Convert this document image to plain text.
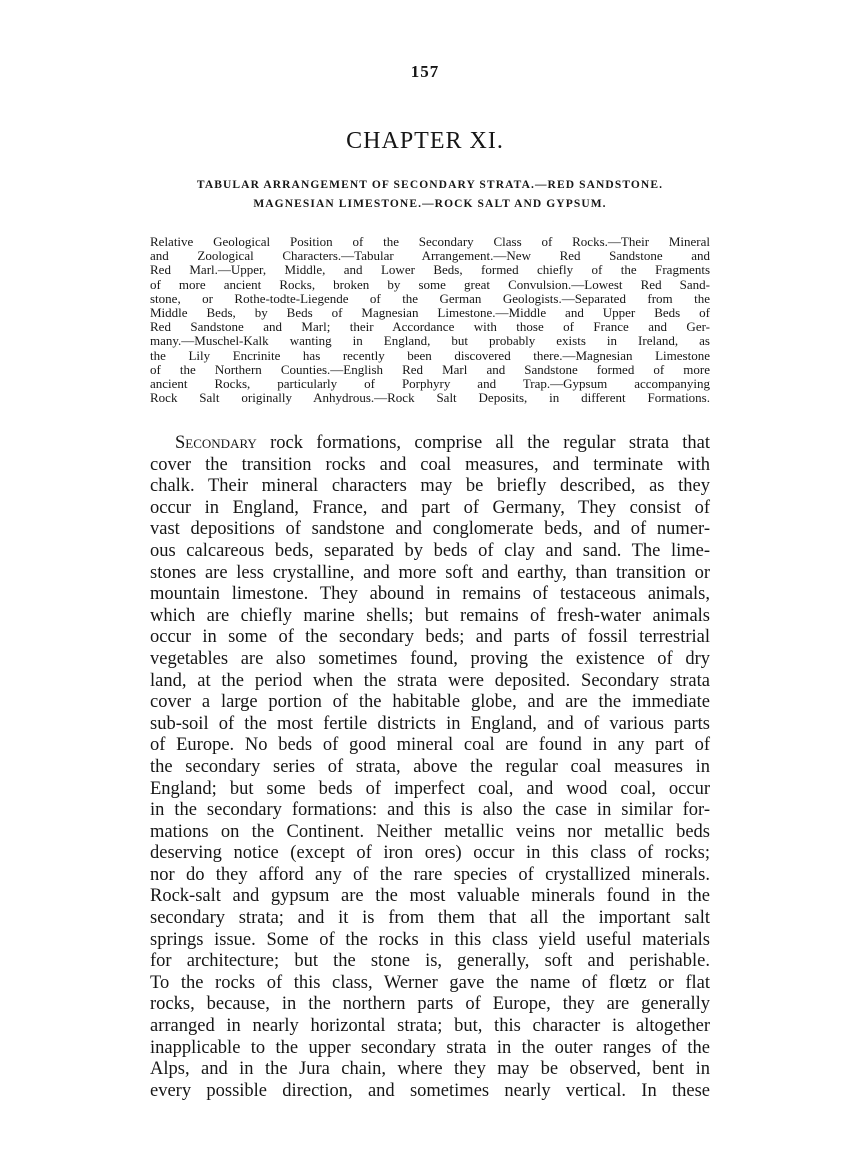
157
CHAPTER XI.
TABULAR ARRANGEMENT OF SECONDARY STRATA.—RED SANDSTONE.
MAGNESIAN LIMESTONE.—ROCK SALT AND GYPSUM.
Relative Geological Position of the Secondary Class of Rocks.—Their Mineral
and Zoological Characters.—Tabular Arrangement.—New Red Sandstone and
Red Marl.—Upper, Middle, and Lower Beds, formed chiefly of the Fragments
of more ancient Rocks, broken by some great Convulsion.—Lowest Red Sand-
stone, or Rothe-todte-Liegende of the German Geologists.—Separated from the
Middle Beds, by Beds of Magnesian Limestone.—Middle and Upper Beds of
Red Sandstone and Marl; their Accordance with those of France and Ger-
many.—Muschel-Kalk wanting in England, but probably exists in Ireland, as
the Lily Encrinite has recently been discovered there.—Magnesian Limestone
of the Northern Counties.—English Red Marl and Sandstone formed of more
ancient Rocks, particularly of Porphyry and Trap.—Gypsum accompanying
Rock Salt originally Anhydrous.—Rock Salt Deposits, in different Formations.
Secondary rock formations, comprise all the regular strata that
cover the transition rocks and coal measures, and terminate with
chalk. Their mineral characters may be briefly described, as they
occur in England, France, and part of Germany, They consist of
vast depositions of sandstone and conglomerate beds, and of numer-
ous calcareous beds, separated by beds of clay and sand. The lime-
stones are less crystalline, and more soft and earthy, than transition or
mountain limestone. They abound in remains of testaceous animals,
which are chiefly marine shells; but remains of fresh-water animals
occur in some of the secondary beds; and parts of fossil terrestrial
vegetables are also sometimes found, proving the existence of dry
land, at the period when the strata were deposited. Secondary strata
cover a large portion of the habitable globe, and are the immediate
sub-soil of the most fertile districts in England, and of various parts
of Europe. No beds of good mineral coal are found in any part of
the secondary series of strata, above the regular coal measures in
England; but some beds of imperfect coal, and wood coal, occur
in the secondary formations: and this is also the case in similar for-
mations on the Continent. Neither metallic veins nor metallic beds
deserving notice (except of iron ores) occur in this class of rocks;
nor do they afford any of the rare species of crystallized minerals.
Rock-salt and gypsum are the most valuable minerals found in the
secondary strata; and it is from them that all the important salt
springs issue. Some of the rocks in this class yield useful materials
for architecture; but the stone is, generally, soft and perishable.
To the rocks of this class, Werner gave the name of flœtz or flat
rocks, because, in the northern parts of Europe, they are generally
arranged in nearly horizontal strata; but, this character is altogether
inapplicable to the upper secondary strata in the outer ranges of the
Alps, and in the Jura chain, where they may be observed, bent in
every possible direction, and sometimes nearly vertical. In these
